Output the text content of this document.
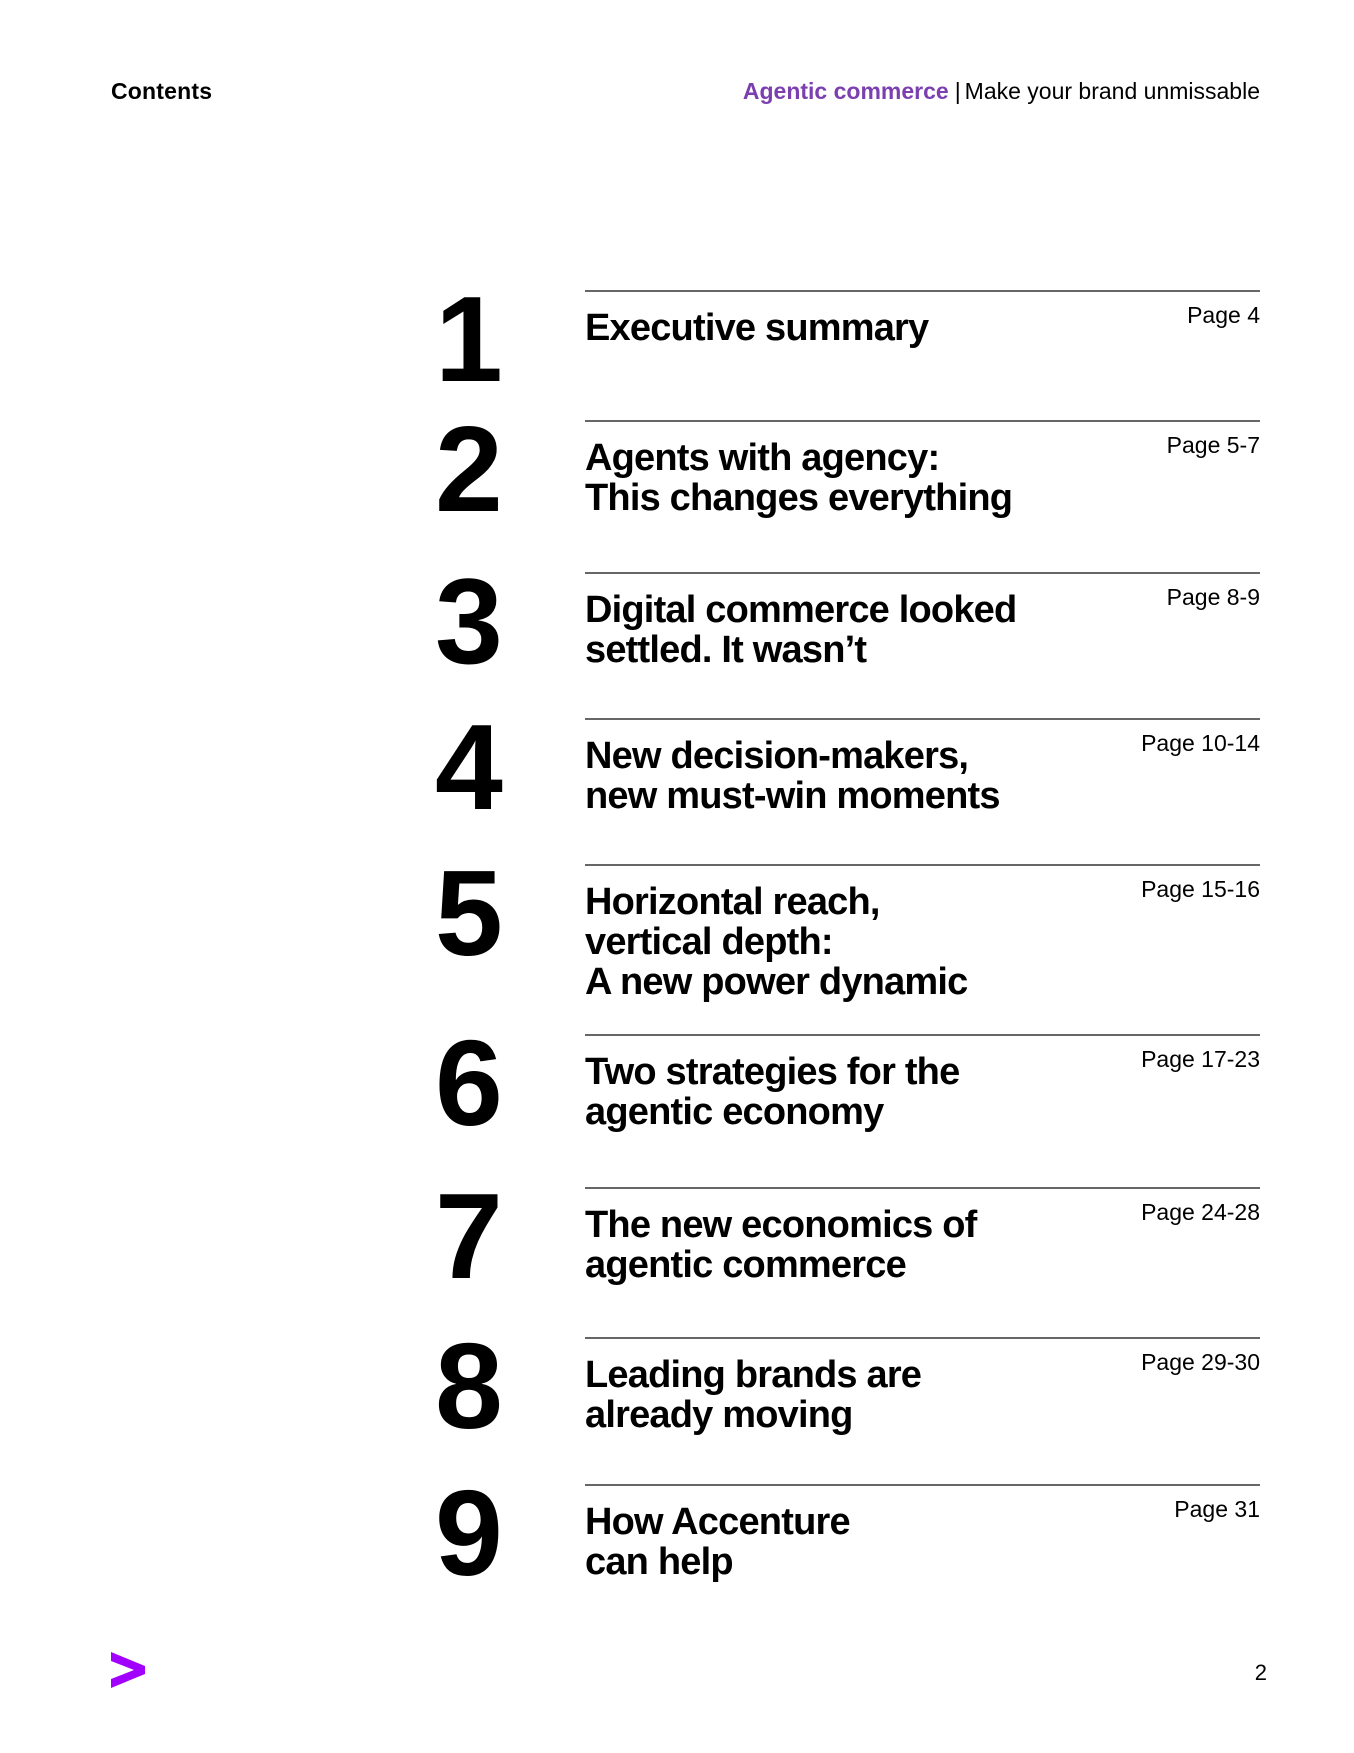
Contents	Agentic commerce | Make your brand unmissable
1	Executive summary	Page 4
2	Agents with agency:
This changes everything
Page 5-7
3	Digital commerce looked
settled. It wasn’t
Page 8-9
4	New decision-makers,
new must-win moments
Page 10-14
5	Horizontal reach,
vertical depth:
A new power dynamic
Page 15-16
6	Two strategies for the
agentic economy
Page 17-23
7	The new economics of
agentic commerce
Page 24-28
8	Leading brands are
already moving
Page 29-30
9	How Accenture
can help
Page 31
2
